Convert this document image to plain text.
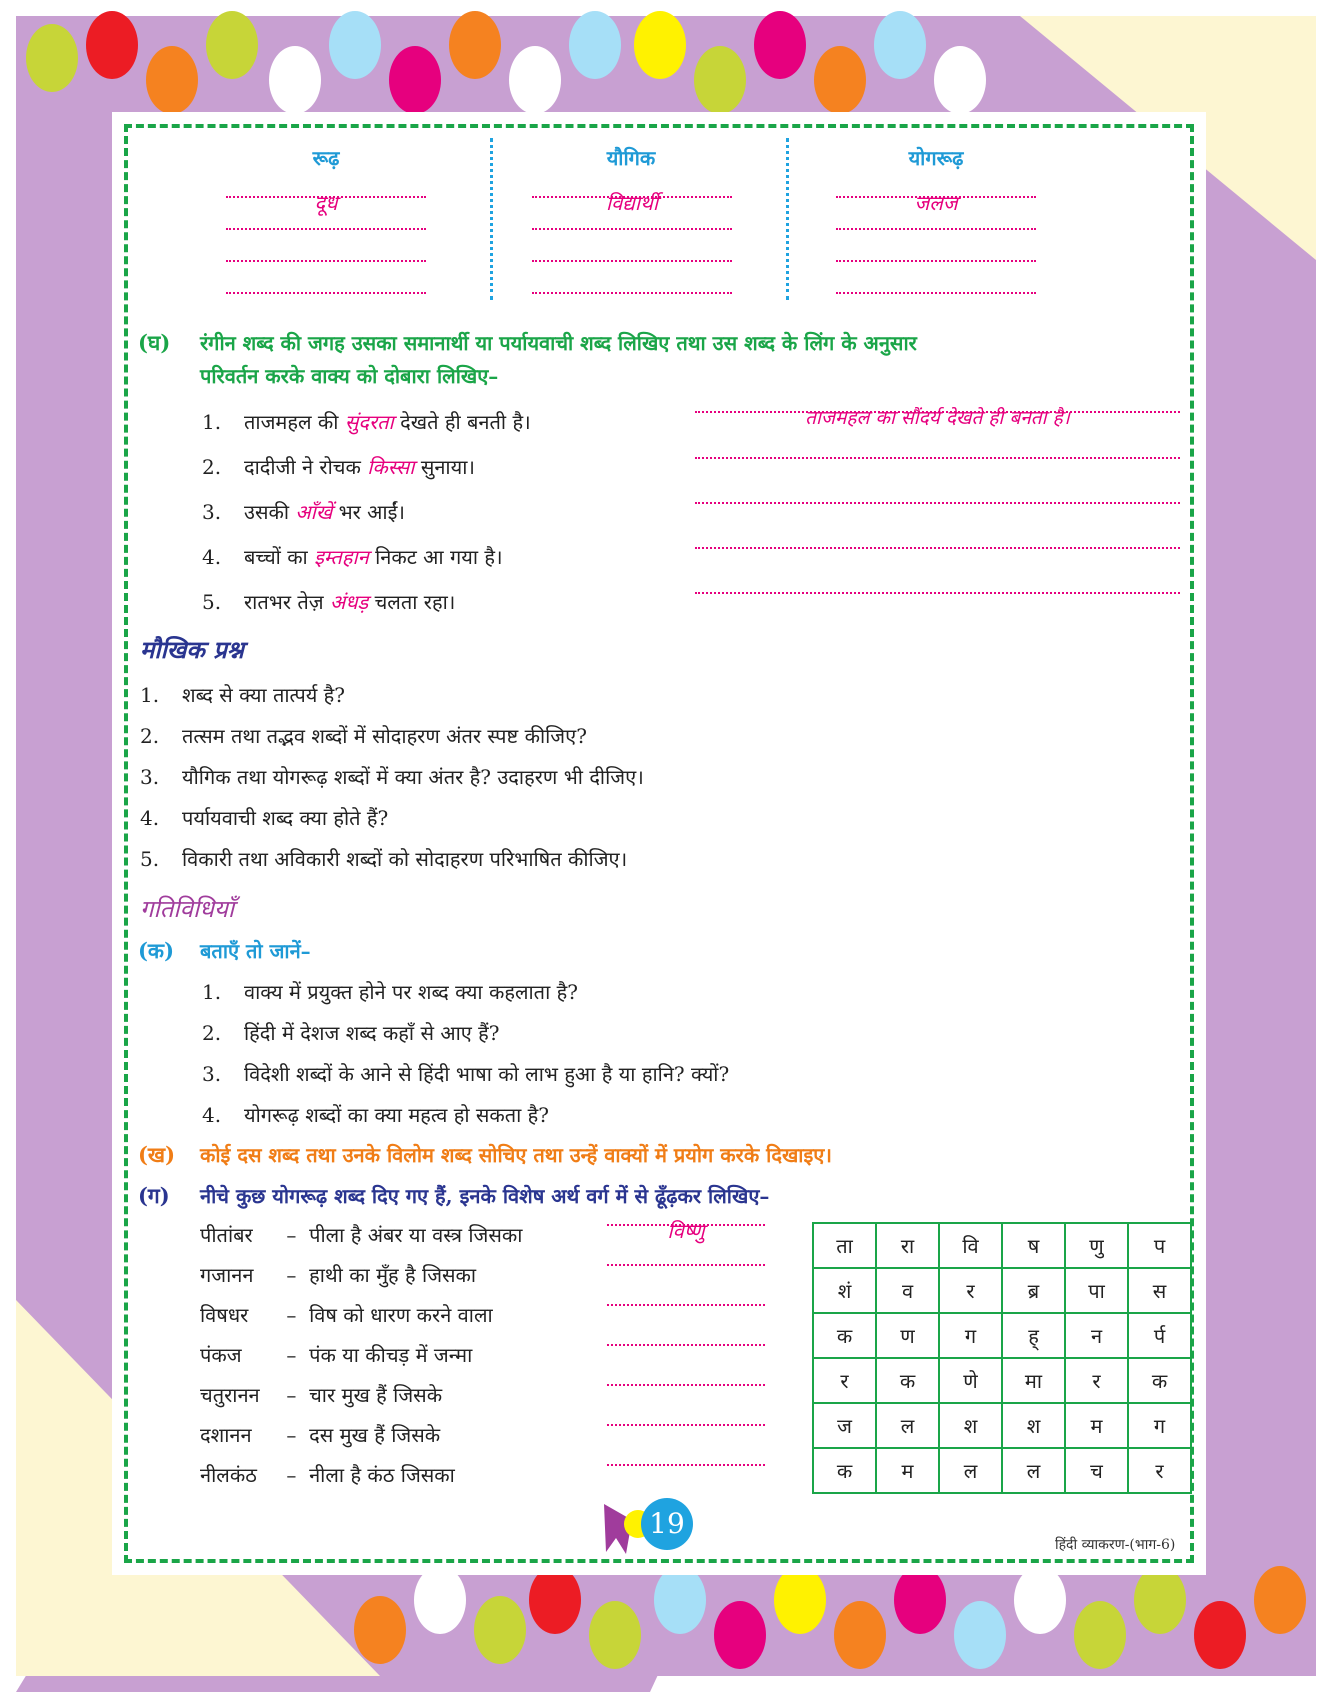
रूढ़	यौगिक	योगरूढ़
दूध	विद्यार्थी	जलज
(घ) रंगीन शब्द की जगह उसका समानार्थी या पर्यायवाची शब्द लिखिए तथा उस शब्द के लिंग के अनुसार
परिवर्तन करके वाक्य को दोबारा लिखिए–
1. ताजमहल की सुंदरता देखते ही बनती है।
2. दादीजी ने रोचक किस्सा सुनाया।
3. उसकी आँखें भर आईं।
4. बच्चों का इम्तहान निकट आ गया है।
5. रातभर तेज़ अंधड़ चलता रहा।
ताजमहल का सौंदर्य देखते ही बनता है।
मौखिक प्रश्न
1. शब्द से क्या तात्पर्य है?
2. तत्सम तथा तद्भव शब्दों में सोदाहरण अंतर स्पष्ट कीजिए?
3. यौगिक तथा योगरूढ़ शब्दों में क्या अंतर है? उदाहरण भी दीजिए।
4. पर्यायवाची शब्द क्या होते हैं?
5. विकारी तथा अविकारी शब्दों को सोदाहरण परिभाषित कीजिए।
गतिविधियाँ
(क) बताएँ तो जानें–
1. वाक्य में प्रयुक्त होने पर शब्द क्या कहलाता है?
2. हिंदी में देशज शब्द कहाँ से आए हैं?
3. विदेशी शब्दों के आने से हिंदी भाषा को लाभ हुआ है या हानि? क्यों?
4. योगरूढ़ शब्दों का क्या महत्व हो सकता है?
(ख) कोई दस शब्द तथा उनके विलोम शब्द सोचिए तथा उन्हें वाक्यों में प्रयोग करके दिखाइए।
(ग) नीचे कुछ योगरूढ़ शब्द दिए गए हैं, इनके विशेष अर्थ वर्ग में से ढूँढ़कर लिखिए–
पीतांबर – पीला है अंबर या वस्त्र जिसका
गजानन – हाथी का मुँह है जिसका
विषधर – विष को धारण करने वाला
पंकज – पंक या कीचड़ में जन्मा
चतुरानन – चार मुख हैं जिसके
दशानन – दस मुख हैं जिसके
नीलकंठ – नीला है कंठ जिसका
विष्णु
ता	रा	वि	ष	णु	प
शं	व	र	ब्र	पा	स
क	ण	ग	ह्	न	र्प
र	क	णे	मा	र	क
ज	ल	श	श	म	ग
क	म	ल	ल	च	र
19
हिंदी व्याकरण-(भाग-6)
